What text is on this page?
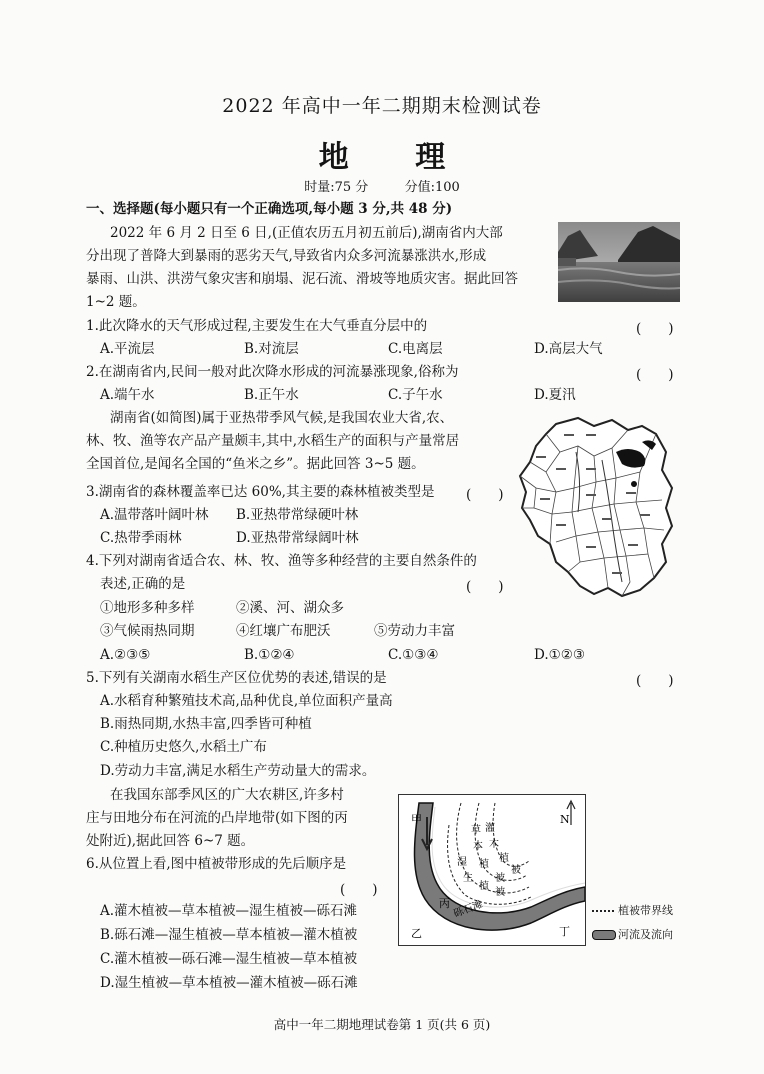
2022 年高中一年二期期末检测试卷
地 理
时量:75 分	分值:100
一、选择题(每小题只有一个正确选项,每小题 3 分,共 48 分)
2022 年 6 月 2 日至 6 日,(正值农历五月初五前后),湖南省内大部
分出现了普降大到暴雨的恶劣天气,导致省内众多河流暴涨洪水,形成
暴雨、山洪、洪涝气象灾害和崩塌、泥石流、滑坡等地质灾害。据此回答
1~2 题。
1.此次降水的天气形成过程,主要发生在大气垂直分层中的	(　　)
A.平流层	B.对流层	C.电离层	D.高层大气
2.在湖南省内,民间一般对此次降水形成的河流暴涨现象,俗称为	(　　)
A.端午水	B.正午水	C.子午水	D.夏汛
湖南省(如简图)属于亚热带季风气候,是我国农业大省,农、
林、牧、渔等农产品产量颇丰,其中,水稻生产的面积与产量常居
全国首位,是闻名全国的“鱼米之乡”。据此回答 3~5 题。
3.湖南省的森林覆盖率已达 60%,其主要的森林植被类型是 (　　)
A.温带落叶阔叶林 B.亚热带常绿硬叶林
C.热带季雨林	D.亚热带常绿阔叶林
4.下列对湖南省适合农、林、牧、渔等多种经营的主要自然条件的
表述,正确的是	(　　)
①地形多种多样	②溪、河、湖众多
③气候雨热同期	④红壤广布肥沃	⑤劳动力丰富
A.②③⑤	B.①②④	C.①③④	D.①②③
5.下列有关湖南水稻生产区位优势的表述,错误的是	(　　)
A.水稻育种繁殖技术高,品种优良,单位面积产量高
B.雨热同期,水热丰富,四季皆可种植
C.种植历史悠久,水稻土广布
D.劳动力丰富,满足水稻生产劳动量大的需求。
在我国东部季风区的广大农耕区,许多村
庄与田地分布在河流的凸岸地带(如下图的丙
处附近),据此回答 6~7 题。
6.从位置上看,图中植被带形成的先后顺序是
(　　)
A.灌木植被—草本植被—湿生植被—砾石滩
B.砾石滩—湿生植被—草本植被—灌木植被
C.灌木植被—砾石滩—湿生植被—草本植被
D.湿生植被—草本植被—灌木植被—砾石滩
N
甲
乙
丙
丁
砾石滩
灌
木
草
植
本
被
湿 植
被
生
植
被
植被带界线
河流及流向
高中一年二期地理试卷第 1 页(共 6 页)
